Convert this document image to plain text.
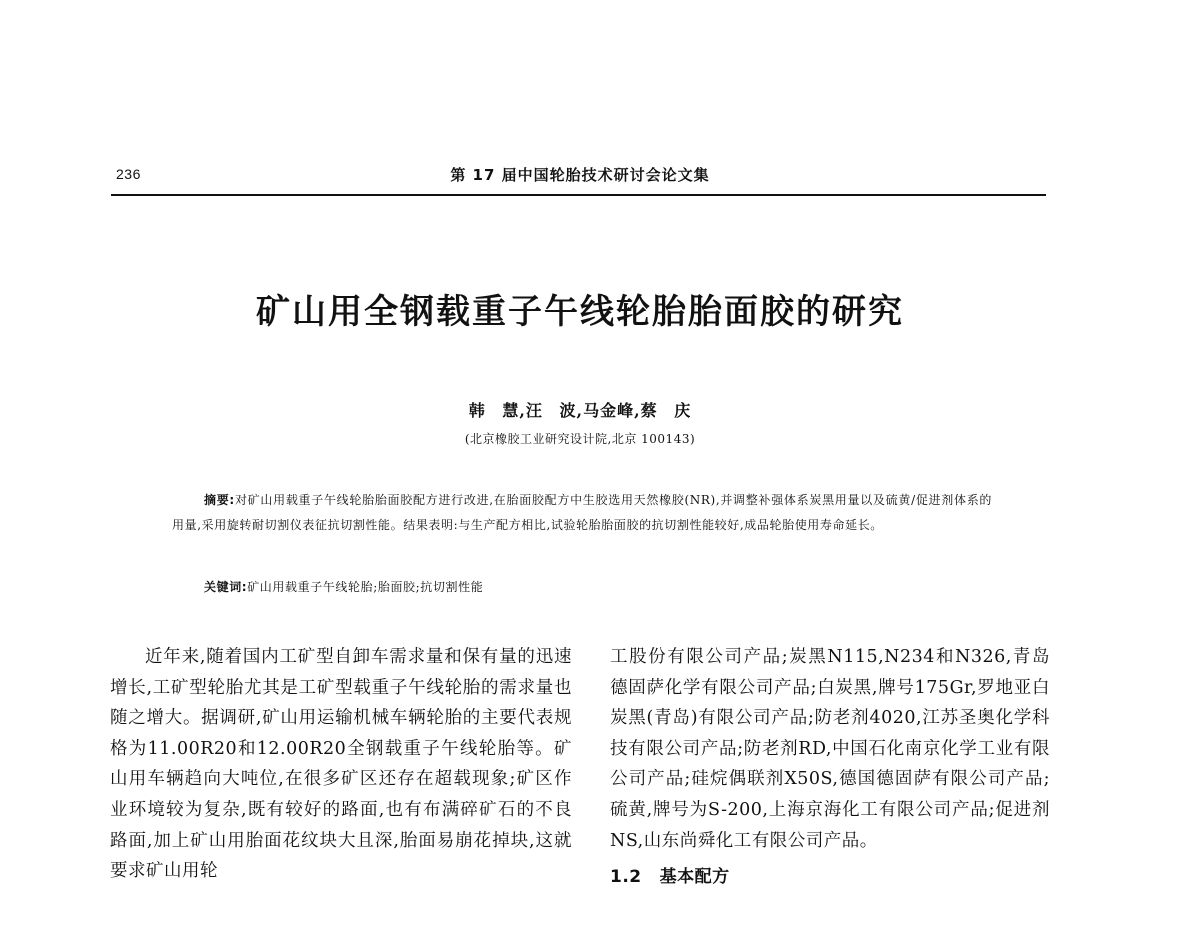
236	第 17 届中国轮胎技术研讨会论文集
矿山用全钢载重子午线轮胎胎面胶的研究
韩 慧,汪 波,马金峰,蔡 庆
(北京橡胶工业研究设计院,北京 100143)
摘要:对矿山用载重子午线轮胎胎面胶配方进行改进,在胎面胶配方中生胶选用天然橡胶(NR),并调整补强体系炭黑用量以及硫黄/促进剂体系的用量,采用旋转耐切割仪表征抗切割性能。结果表明:与生产配方相比,试验轮胎胎面胶的抗切割性能较好,成品轮胎使用寿命延长。
关键词:矿山用载重子午线轮胎;胎面胶;抗切割性能

近年来,随着国内工矿型自卸车需求量和保有量的迅速增长,工矿型轮胎尤其是工矿型载重子午线轮胎的需求量也随之增大。据调研,矿山用运输机械车辆轮胎的主要代表规格为11.00R20和12.00R20全钢载重子午线轮胎等。矿山用车辆趋向大吨位,在很多矿区还存在超载现象;矿区作业环境较为复杂,既有较好的路面,也有布满碎矿石的不良路面,加上矿山用胎面花纹块大且深,胎面易崩花掉块,这就要求矿山用轮

工股份有限公司产品;炭黑N115,N234和N326,青岛德固萨化学有限公司产品;白炭黑,牌号175Gr,罗地亚白炭黑(青岛)有限公司产品;防老剂4020,江苏圣奥化学科技有限公司产品;防老剂RD,中国石化南京化学工业有限公司产品;硅烷偶联剂X50S,德国德固萨有限公司产品;硫黄,牌号为S-200,上海京海化工有限公司产品;促进剂NS,山东尚舜化工有限公司产品。

1.2 基本配方
